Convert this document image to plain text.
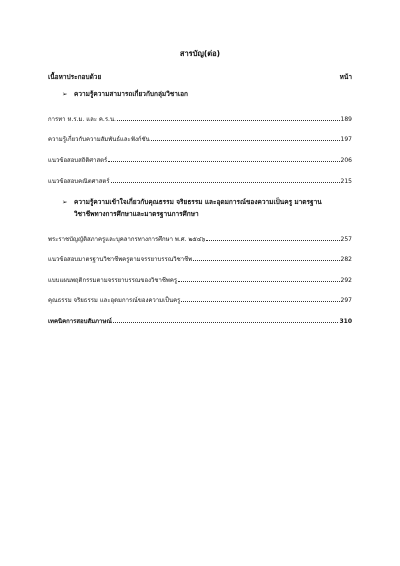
สารบัญ(ต่อ)
เนื้อหาประกอบด้วย	หน้า
➢ ความรู้ความสามารถเกี่ยวกับกลุ่มวิชาเอก
การทา ห.ร.ม. และ ค.ร.น.	189
ความรู้เกี่ยวกับความสัมพันธ์และฟังก์ชัน	197
แนวข้อสอบสถิติศาสตร์	206
แนวข้อสอบคณิตศาสตร์	215
➢ ความรู้ความเข้าใจเกี่ยวกับคุณธรรม จริยธรรม และอุดมการณ์ของความเป็นครู มาตรฐาน
วิชาชีพทางการศึกษาและมาตรฐานการศึกษา
พระราชบัญญัติสภาครูและบุคลากรทางการศึกษา พ.ศ. ๒๕๔๖	257
แนวข้อสอบมาตรฐานวิชาชีพครูตามจรรยาบรรณวิชาชีพ	282
แบบแผนพฤติกรรมตามจรรยาบรรณของวิชาชีพครู	292
คุณธรรม จริยธรรม และอุดมการณ์ของความเป็นครู	297
เทคนิคการสอบสัมภาษณ์	310
